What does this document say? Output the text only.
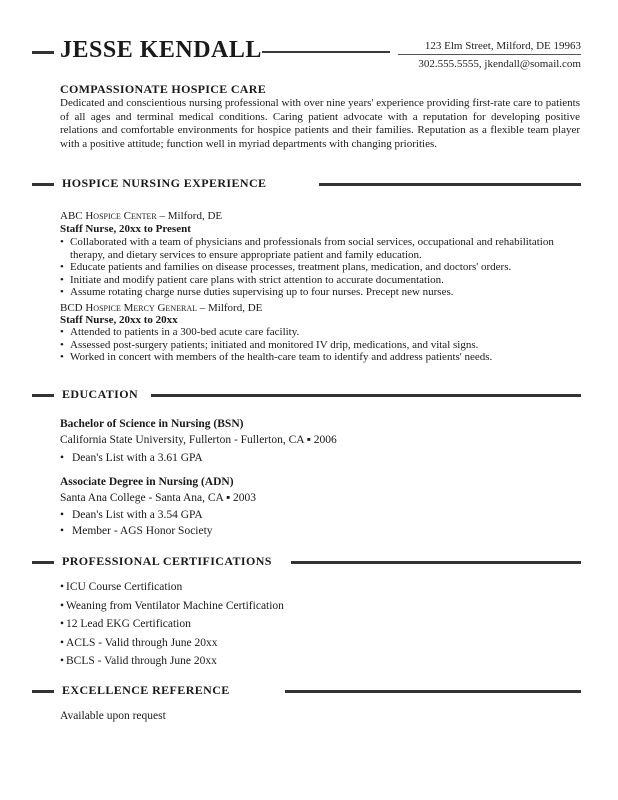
JESSE KENDALL	123 Elm Street, Milford, DE 19963
302.555.5555, jkendall@somail.com
COMPASSIONATE HOSPICE CARE
Dedicated and conscientious nursing professional with over nine years' experience providing first-rate care to patients of all ages and terminal medical conditions. Caring patient advocate with a reputation for developing positive relations and comfortable environments for hospice patients and their families. Reputation as a flexible team player with a positive attitude; function well in myriad departments with changing priorities.
HOSPICE NURSING EXPERIENCE
ABC Hospice Center – Milford, DE
Staff Nurse, 20xx to Present
• Collaborated with a team of physicians and professionals from social services, occupational and rehabilitation therapy, and dietary services to ensure appropriate patient and family education.
• Educate patients and families on disease processes, treatment plans, medication, and doctors' orders.
• Initiate and modify patient care plans with strict attention to accurate documentation.
• Assume rotating charge nurse duties supervising up to four nurses. Precept new nurses.
BCD Hospice Mercy General – Milford, DE
Staff Nurse, 20xx to 20xx
• Attended to patients in a 300-bed acute care facility.
• Assessed post-surgery patients; initiated and monitored IV drip, medications, and vital signs.
• Worked in concert with members of the health-care team to identify and address patients' needs.
EDUCATION
Bachelor of Science in Nursing (BSN)
California State University, Fullerton - Fullerton, CA ▪ 2006
• Dean's List with a 3.61 GPA
Associate Degree in Nursing (ADN)
Santa Ana College - Santa Ana, CA ▪ 2003
• Dean's List with a 3.54 GPA
• Member - AGS Honor Society
PROFESSIONAL CERTIFICATIONS
• ICU Course Certification
• Weaning from Ventilator Machine Certification
• 12 Lead EKG Certification
• ACLS - Valid through June 20xx
• BCLS - Valid through June 20xx
EXCELLENCE REFERENCE
Available upon request
